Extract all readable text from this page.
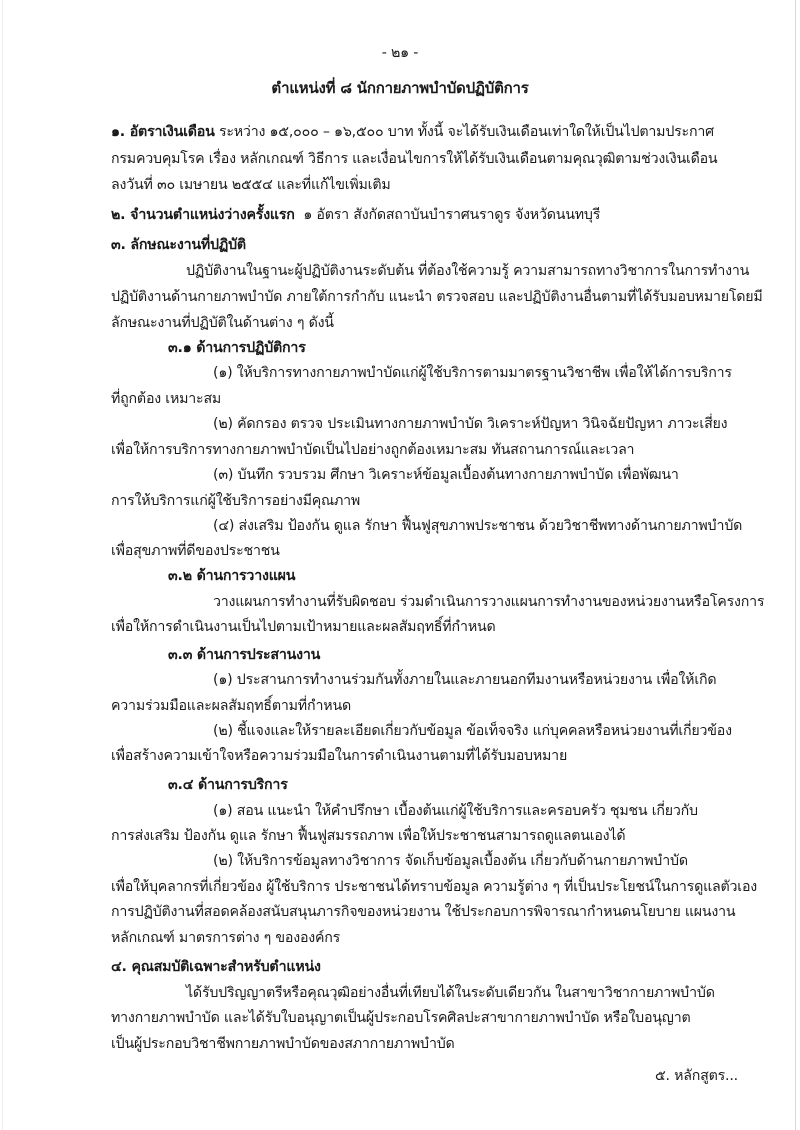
- ๒๑ -
ตำแหน่งที่ ๘ นักกายภาพบำบัดปฏิบัติการ
๑. อัตราเงินเดือน ระหว่าง ๑๕,๐๐๐ – ๑๖,๕๐๐ บาท ทั้งนี้ จะได้รับเงินเดือนเท่าใดให้เป็นไปตามประกาศ
กรมควบคุมโรค เรื่อง หลักเกณฑ์ วิธีการ และเงื่อนไขการให้ได้รับเงินเดือนตามคุณวุฒิตามช่วงเงินเดือน
ลงวันที่ ๓๐ เมษายน ๒๕๕๔ และที่แก้ไขเพิ่มเติม
๒. จำนวนตำแหน่งว่างครั้งแรก ๑ อัตรา สังกัดสถาบันบำราศนราดูร จังหวัดนนทบุรี
๓. ลักษณะงานที่ปฏิบัติ
ปฏิบัติงานในฐานะผู้ปฏิบัติงานระดับต้น ที่ต้องใช้ความรู้ ความสามารถทางวิชาการในการทำงาน
ปฏิบัติงานด้านกายภาพบำบัด ภายใต้การกำกับ แนะนำ ตรวจสอบ และปฏิบัติงานอื่นตามที่ได้รับมอบหมายโดยมี
ลักษณะงานที่ปฏิบัติในด้านต่าง ๆ ดังนี้
๓.๑ ด้านการปฏิบัติการ
(๑) ให้บริการทางกายภาพบำบัดแก่ผู้ใช้บริการตามมาตรฐานวิชาชีพ เพื่อให้ได้การบริการ
ที่ถูกต้อง เหมาะสม
(๒) คัดกรอง ตรวจ ประเมินทางกายภาพบำบัด วิเคราะห์ปัญหา วินิจฉัยปัญหา ภาวะเสี่ยง
เพื่อให้การบริการทางกายภาพบำบัดเป็นไปอย่างถูกต้องเหมาะสม ทันสถานการณ์และเวลา
(๓) บันทึก รวบรวม ศึกษา วิเคราะห์ข้อมูลเบื้องต้นทางกายภาพบำบัด เพื่อพัฒนา
การให้บริการแก่ผู้ใช้บริการอย่างมีคุณภาพ
(๔) ส่งเสริม ป้องกัน ดูแล รักษา ฟื้นฟูสุขภาพประชาชน ด้วยวิชาชีพทางด้านกายภาพบำบัด
เพื่อสุขภาพที่ดีของประชาชน
๓.๒ ด้านการวางแผน
วางแผนการทำงานที่รับผิดชอบ ร่วมดำเนินการวางแผนการทำงานของหน่วยงานหรือโครงการ
เพื่อให้การดำเนินงานเป็นไปตามเป้าหมายและผลสัมฤทธิ์ที่กำหนด
๓.๓ ด้านการประสานงาน
(๑) ประสานการทำงานร่วมกันทั้งภายในและภายนอกทีมงานหรือหน่วยงาน เพื่อให้เกิด
ความร่วมมือและผลสัมฤทธิ์ตามที่กำหนด
(๒) ชี้แจงและให้รายละเอียดเกี่ยวกับข้อมูล ข้อเท็จจริง แก่บุคคลหรือหน่วยงานที่เกี่ยวข้อง
เพื่อสร้างความเข้าใจหรือความร่วมมือในการดำเนินงานตามที่ได้รับมอบหมาย
๓.๔ ด้านการบริการ
(๑) สอน แนะนำ ให้คำปรึกษา เบื้องต้นแก่ผู้ใช้บริการและครอบครัว ชุมชน เกี่ยวกับ
การส่งเสริม ป้องกัน ดูแล รักษา ฟื้นฟูสมรรถภาพ เพื่อให้ประชาชนสามารถดูแลตนเองได้
(๒) ให้บริการข้อมูลทางวิชาการ จัดเก็บข้อมูลเบื้องต้น เกี่ยวกับด้านกายภาพบำบัด
เพื่อให้บุคลากรที่เกี่ยวข้อง ผู้ใช้บริการ ประชาชนได้ทราบข้อมูล ความรู้ต่าง ๆ ที่เป็นประโยชน์ในการดูแลตัวเอง
การปฏิบัติงานที่สอดคล้องสนับสนุนภารกิจของหน่วยงาน ใช้ประกอบการพิจารณากำหนดนโยบาย แผนงาน
หลักเกณฑ์ มาตรการต่าง ๆ ขององค์กร
๔. คุณสมบัติเฉพาะสำหรับตำแหน่ง
ได้รับปริญญาตรีหรือคุณวุฒิอย่างอื่นที่เทียบได้ในระดับเดียวกัน ในสาขาวิชากายภาพบำบัด
ทางกายภาพบำบัด และได้รับใบอนุญาตเป็นผู้ประกอบโรคศิลปะสาขากายภาพบำบัด หรือใบอนุญาต
เป็นผู้ประกอบวิชาชีพกายภาพบำบัดของสภากายภาพบำบัด
๕. หลักสูตร...
